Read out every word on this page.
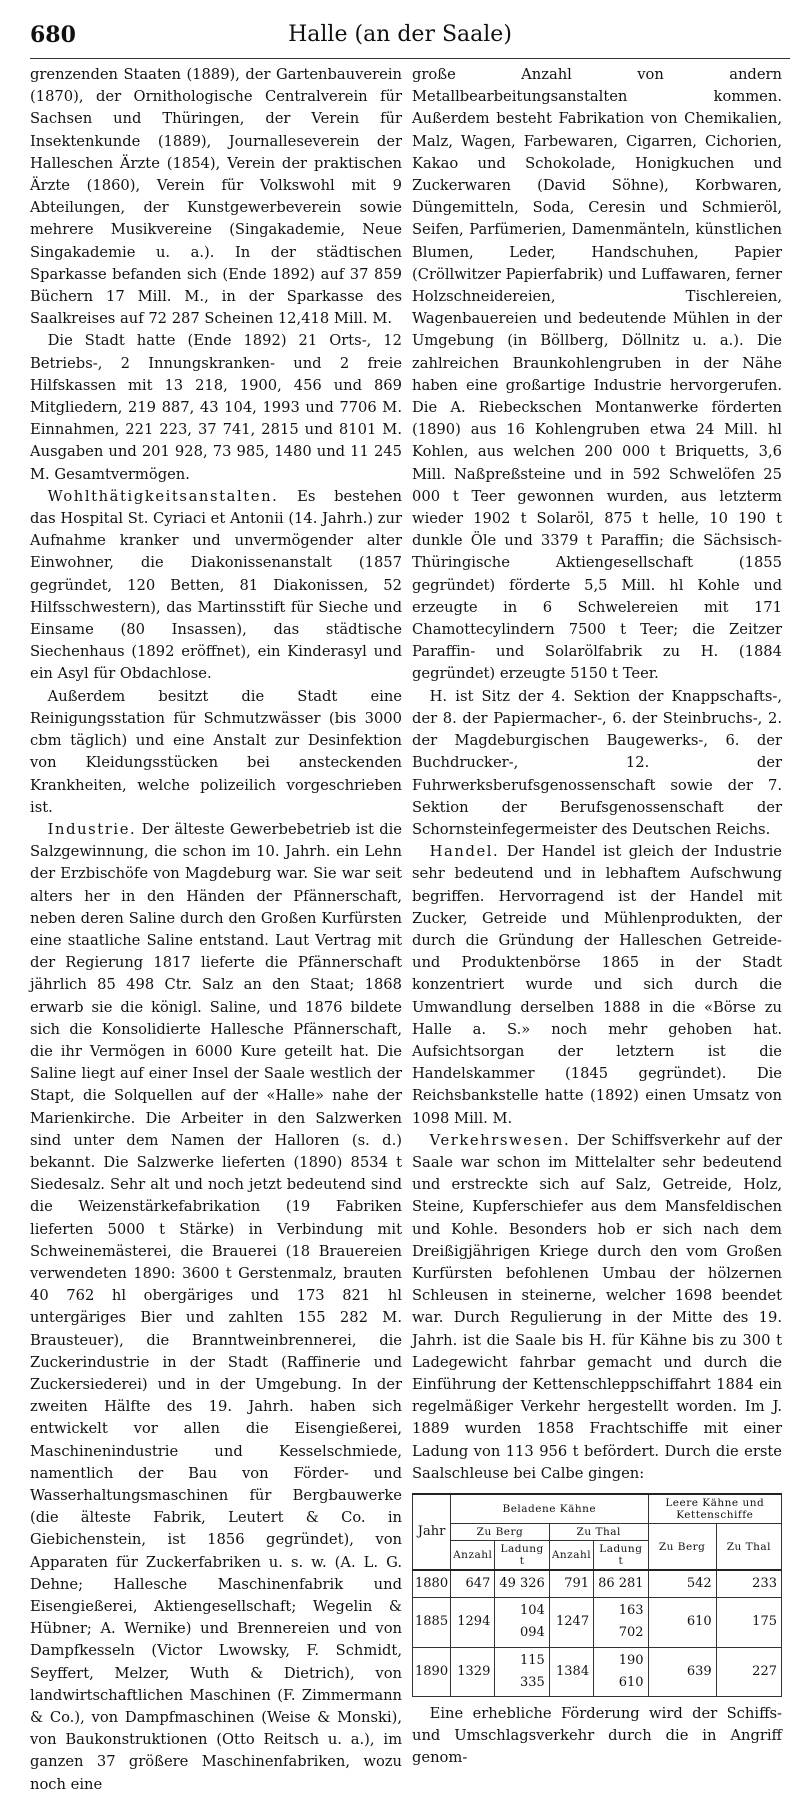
680	Halle (an der Saale)

grenzenden Staaten (1889), der Gartenbauverein (1870), der Ornithologische Centralverein für Sachsen und Thüringen, der Verein für Insektenkunde (1889), Journallesеverein der Halleschen Ärzte (1854), Verein der praktischen Ärzte (1860), Verein für Volkswohl mit 9 Abteilungen, der Kunstgewerbeverein sowie mehrere Musikvereine (Singakademie, Neue Singakademie u. a.). In der städtischen Sparkasse befanden sich (Ende 1892) auf 37 859 Büchern 17 Mill. M., in der Sparkasse des Saalkreises auf 72 287 Scheinen 12,418 Mill. M.

Die Stadt hatte (Ende 1892) 21 Orts-, 12 Betriebs-, 2 Innungskranken- und 2 freie Hilfskassen mit 13 218, 1900, 456 und 869 Mitgliedern, 219 887, 43 104, 1993 und 7706 M. Einnahmen, 221 223, 37 741, 2815 und 8101 M. Ausgaben und 201 928, 73 985, 1480 und 11 245 M. Gesamtvermögen.

Wohlthätigkeitsanstalten. Es bestehen das Hospital St. Cyriaci et Antonii (14. Jahrh.) zur Aufnahme kranker und unvermögender alter Einwohner, die Diakonissenanstalt (1857 gegründet, 120 Betten, 81 Diakonissen, 52 Hilfsschwestern), das Martinsstift für Sieche und Einsame (80 Insassen), das städtische Siechenhaus (1892 eröffnet), ein Kinderasyl und ein Asyl für Obdachlose.

Außerdem besitzt die Stadt eine Reinigungsstation für Schmutzwässer (bis 3000 cbm täglich) und eine Anstalt zur Desinfektion von Kleidungsstücken bei ansteckenden Krankheiten, welche polizeilich vorgeschrieben ist.

Industrie. Der älteste Gewerbebetrieb ist die Salzgewinnung, die schon im 10. Jahrh. ein Lehn der Erzbischöfe von Magdeburg war. Sie war seit alters her in den Händen der Pfännerschaft, neben deren Saline durch den Großen Kurfürsten eine staatliche Saline entstand. Laut Vertrag mit der Regierung 1817 lieferte die Pfännerschaft jährlich 85 498 Ctr. Salz an den Staat; 1868 erwarb sie die königl. Saline, und 1876 bildete sich die Konsolidierte Hallesche Pfännerschaft, die ihr Vermögen in 6000 Kure geteilt hat. Die Saline liegt auf einer Insel der Saale westlich der Stapt, die Solquellen auf der «Halle» nahe der Marienkirche. Die Arbeiter in den Salzwerken sind unter dem Namen der Halloren (s. d.) bekannt. Die Salzwerke lieferten (1890) 8534 t Siedesalz. Sehr alt und noch jetzt bedeutend sind die Weizenstärkefabrikation (19 Fabriken lieferten 5000 t Stärke) in Verbindung mit Schweinemästerei, die Brauerei (18 Brauereien verwendeten 1890: 3600 t Gerstenmalz, brauten 40 762 hl obergäriges und 173 821 hl untergäriges Bier und zahlten 155 282 M. Brausteuer), die Branntweinbrennerei, die Zuckerindustrie in der Stadt (Raffinerie und Zuckersiederei) und in der Umgebung. In der zweiten Hälfte des 19. Jahrh. haben sich entwickelt vor allen die Eisengießerei, Maschinenindustrie und Kesselschmiede, namentlich der Bau von Förder- und Wasserhaltungsmaschinen für Bergbauwerke (die älteste Fabrik, Leutert & Co. in Giebichenstein, ist 1856 gegründet), von Apparaten für Zuckerfabriken u. s. w. (A. L. G. Dehne; Hallesche Maschinenfabrik und Eisengießerei, Aktiengesellschaft; Wegelin & Hübner; A. Wernike) und Brennereien und von Dampfkesseln (Victor Lwowsky, F. Schmidt, Seyffert, Melzer, Wuth & Dietrich), von landwirtschaftlichen Maschinen (F. Zimmermann & Co.), von Dampfmaschinen (Weise & Monski), von Baukonstruktionen (Otto Reitsch u. a.), im ganzen 37 größere Maschinenfabriken, wozu noch eine

große Anzahl von andern Metallbearbeitungsanstalten kommen. Außerdem besteht Fabrikation von Chemikalien, Malz, Wagen, Farbewaren, Cigarren, Cichorien, Kakao und Schokolade, Honigkuchen und Zuckerwaren (David Söhne), Korbwaren, Düngemitteln, Soda, Ceresin und Schmieröl, Seifen, Parfümerien, Damenmänteln, künstlichen Blumen, Leder, Handschuhen, Papier (Cröllwitzer Papierfabrik) und Luffawaren, ferner Holzschneidereien, Tischlereien, Wagenbauereien und bedeutende Mühlen in der Umgebung (in Böllberg, Döllnitz u. a.). Die zahlreichen Braunkohlengruben in der Nähe haben eine großartige Industrie hervorgerufen. Die A. Riebeckschen Montanwerke förderten (1890) aus 16 Kohlengruben etwa 24 Mill. hl Kohlen, aus welchen 200 000 t Briquetts, 3,6 Mill. Naßpreßsteine und in 592 Schwelöfen 25 000 t Teer gewonnen wurden, aus letzterm wieder 1902 t Solaröl, 875 t helle, 10 190 t dunkle Öle und 3379 t Paraffin; die Sächsisch-Thüringische Aktiengesellschaft (1855 gegründet) förderte 5,5 Mill. hl Kohle und erzeugte in 6 Schwelereien mit 171 Chamottecylindern 7500 t Teer; die Zeitzer Paraffin- und Solarölfabrik zu H. (1884 gegründet) erzeugte 5150 t Teer.

H. ist Sitz der 4. Sektion der Knappschafts-, der 8. der Papiermacher-, 6. der Steinbruchs-, 2. der Magdeburgischen Baugewerks-, 6. der Buchdrucker-, 12. der Fuhrwerksberufsgenossenschaft sowie der 7. Sektion der Berufsgenossenschaft der Schornsteinfegermeister des Deutschen Reichs.

Handel. Der Handel ist gleich der Industrie sehr bedeutend und in lebhaftem Aufschwung begriffen. Hervorragend ist der Handel mit Zucker, Getreide und Mühlenprodukten, der durch die Gründung der Halleschen Getreide- und Produktenbörse 1865 in der Stadt konzentriert wurde und sich durch die Umwandlung derselben 1888 in die «Börse zu Halle a. S.» noch mehr gehoben hat. Aufsichtsorgan der letztern ist die Handelskammer (1845 gegründet). Die Reichsbankstelle hatte (1892) einen Umsatz von 1098 Mill. M.

Verkehrswesen. Der Schiffsverkehr auf der Saale war schon im Mittelalter sehr bedeutend und erstreckte sich auf Salz, Getreide, Holz, Steine, Kupferschiefer aus dem Mansfeldischen und Kohle. Besonders hob er sich nach dem Dreißigjährigen Kriege durch den vom Großen Kurfürsten befohlenen Umbau der hölzernen Schleusen in steinerne, welcher 1698 beendet war. Durch Regulierung in der Mitte des 19. Jahrh. ist die Saale bis H. für Kähne bis zu 300 t Ladegewicht fahrbar gemacht und durch die Einführung der Kettenschleppschiffahrt 1884 ein regelmäßiger Verkehr hergestellt worden. Im J. 1889 wurden 1858 Frachtschiffe mit einer Ladung von 113 956 t befördert. Durch die erste Saalschleuse bei Calbe gingen:

Jahr	Beladene Kähne				Leere Kähne und Kettenschiffe	
	Zu Berg		Zu Thal		Zu Berg	Zu Thal
	Anzahl	Ladung t	Anzahl	Ladung t		
1880	647	49 326	791	86 281	542	233
1885	1294	104 094	1247	163 702	610	175
1890	1329	115 335	1384	190 610	639	227

Eine erhebliche Förderung wird der Schiffs- und Umschlagsverkehr durch die in Angriff genom-
